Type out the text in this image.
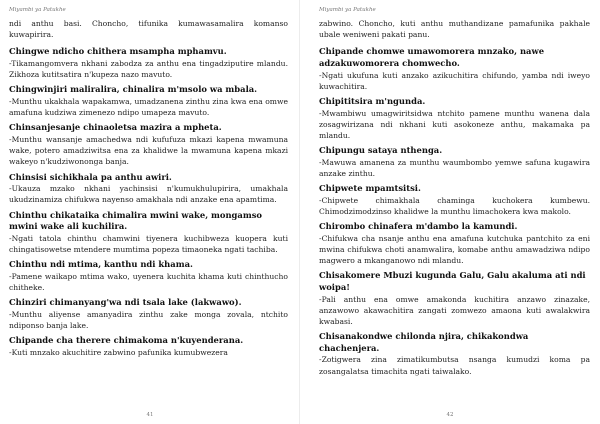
Miyambi ya Patukhe
ndi anthu basi. Choncho, tifunika kumawasamalira komanso kuwapirira.
Chingwe ndicho chithera msampha mphamvu.
-Tikamangomvera nkhani zabodza za anthu ena tingadziputire mlandu. Zikhoza kutitsatira n'kupeza nazo mavuto.
Chingwinjiri maliralira, chinalira m'msolo wa mbala.
-Munthu ukakhala wapakamwa, umadzanena zinthu zina kwa ena omwe amafuna kudziwa zimenezo ndipo umapeza mavuto.
Chinsanjesanje chinaoletsa mazira a mpheta.
-Munthu wansanje amachedwa ndi kufufuza mkazi kapena mwamuna wake, potero amadziwitsa ena za khalidwe la mwamuna kapena mkazi wakeyo n'kudziwononga banja.
Chinsisi sichikhala pa anthu awiri.
-Ukauza mzako nkhani yachinsisi n'kumukhulupirira, umakhala ukudzinamiza chifukwa nayenso amakhala ndi anzake ena apamtima.
Chinthu chikataika chimalira mwini wake, mongamso mwini wake ali kuchilira.
-Ngati tatola chinthu chamwini tiyenera kuchibweza kuopera kuti chingatisowetse mtendere mumtima popeza timaoneka ngati tachiba.
Chinthu ndi mtima, kanthu ndi khama.
-Pamene waikapo mtima wako, uyenera kuchita khama kuti chinthucho chitheke.
Chinziri chimanyang'wa ndi tsala lake (lakwawo).
-Munthu aliyense amanyadira zinthu zake monga zovala, ntchito ndiponso banja lake.
Chipande cha therere chimakoma n'kuyenderana.
-Kuti mnzako akuchitire zabwino pafunika kumubwezera
41
Miyambi ya Patukhe
zabwino. Choncho, kuti anthu muthandizane pamafunika pakhale ubale weniweni pakati panu.
Chipande chomwe umawomorera mnzako, nawe adzakuwomorera chomwecho.
-Ngati ukufuna kuti anzako azikuchitira chifundo, yamba ndi iweyo kuwachitira.
Chipititsira m'ngunda.
-Mwambiwu umagwiritsidwa ntchito pamene munthu wanena dala zosagwirizana ndi nkhani kuti asokoneze anthu, makamaka pa mlandu.
Chipungu sataya nthenga.
-Mawuwa amanena za munthu waumbombo yemwe safuna kugawira anzake zinthu.
Chipwete mpamtsitsi.
-Chipwete chimakhala chaminga kuchokera kumbewu. Chimodzimodzinso khalidwe la munthu limachokera kwa makolo.
Chirombo chinafera m'dambo la kamundi.
-Chifukwa cha nsanje anthu ena amafuna kutchuka pantchito za eni mwina chifukwa choti anamwalira, komabe anthu amawadziwa ndipo magwero a mkanganowo ndi mlandu.
Chisakomere Mbuzi kugunda Galu, Galu akaluma ati ndi woipa!
-Pali anthu ena omwe amakonda kuchitira anzawo zinazake, anzawowo akawachitira zangati zomwezo amaona kuti awalakwira kwabasi.
Chisanakondwe chilonda njira, chikakondwa chachenjera.
-Zotigwera zina zimatikumbutsa nsanga kumudzi koma pa zosangalatsa timachita ngati taiwalako.
42
